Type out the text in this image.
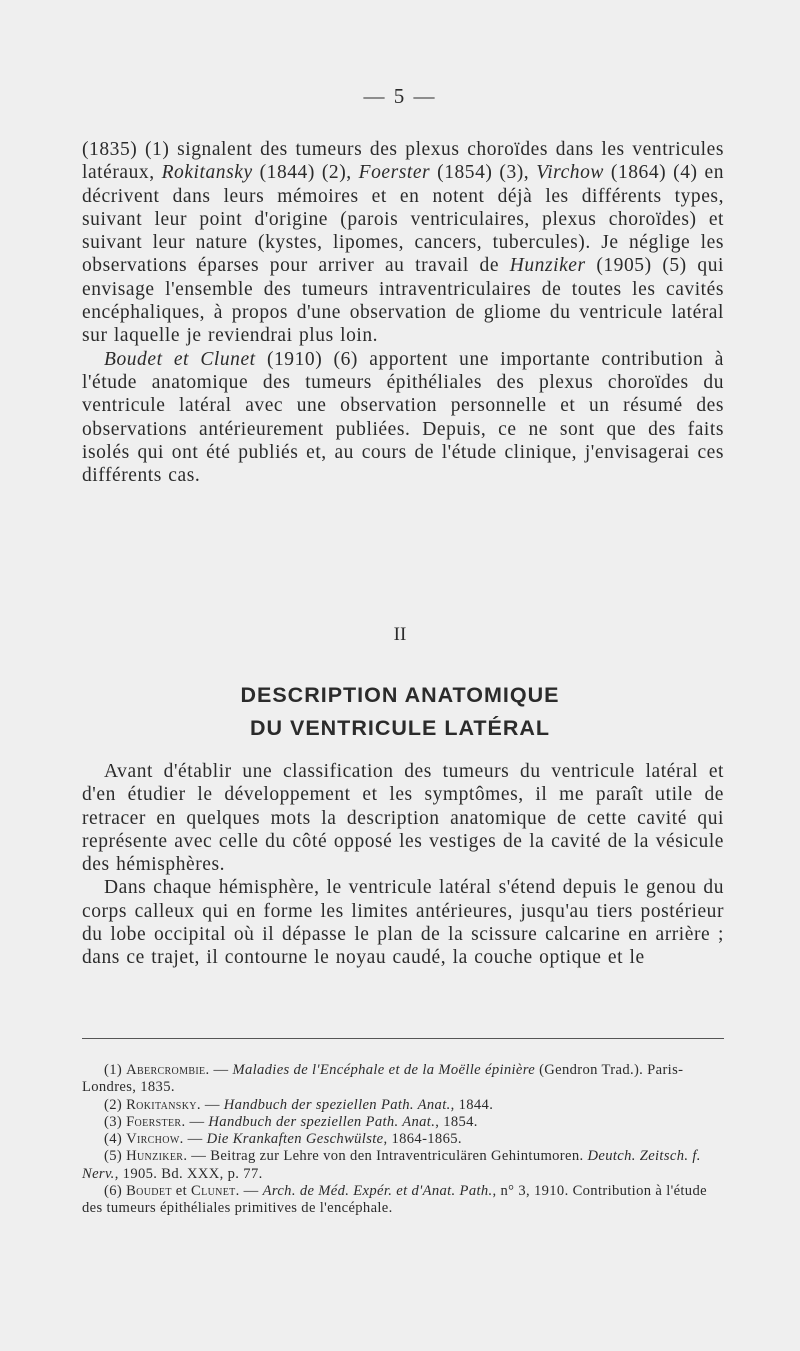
— 5 —

(1835) (1) signalent des tumeurs des plexus choroïdes dans les ventricules latéraux, Rokitansky (1844) (2), Foerster (1854) (3), Virchow (1864) (4) en décrivent dans leurs mémoires et en notent déjà les différents types, suivant leur point d'origine (parois ventriculaires, plexus choroïdes) et suivant leur nature (kystes, lipomes, cancers, tubercules). Je néglige les observations éparses pour arriver au travail de Hunziker (1905) (5) qui envisage l'ensemble des tumeurs intraventriculaires de toutes les cavités encéphaliques, à propos d'une observation de gliome du ventricule latéral sur laquelle je reviendrai plus loin.

Boudet et Clunet (1910) (6) apportent une importante contribution à l'étude anatomique des tumeurs épithéliales des plexus choroïdes du ventricule latéral avec une observation personnelle et un résumé des observations antérieurement publiées. Depuis, ce ne sont que des faits isolés qui ont été publiés et, au cours de l'étude clinique, j'envisagerai ces différents cas.

II
DESCRIPTION ANATOMIQUE
DU VENTRICULE LATÉRAL

Avant d'établir une classification des tumeurs du ventricule latéral et d'en étudier le développement et les symptômes, il me paraît utile de retracer en quelques mots la description anatomique de cette cavité qui représente avec celle du côté opposé les vestiges de la cavité de la vésicule des hémisphères.

Dans chaque hémisphère, le ventricule latéral s'étend depuis le genou du corps calleux qui en forme les limites antérieures, jusqu'au tiers postérieur du lobe occipital où il dépasse le plan de la scissure calcarine en arrière ; dans ce trajet, il contourne le noyau caudé, la couche optique et le

(1) Abercrombie. — Maladies de l'Encéphale et de la Moëlle épinière (Gendron Trad.). Paris-Londres, 1835.

(2) Rokitansky. — Handbuch der speziellen Path. Anat., 1844.

(3) Foerster. — Handbuch der speziellen Path. Anat., 1854.

(4) Virchow. — Die Krankaften Geschwülste, 1864-1865.

(5) Hunziker. — Beitrag zur Lehre von den Intraventriculären Gehintumoren. Deutch. Zeitsch. f. Nerv., 1905. Bd. XXX, p. 77.

(6) Boudet et Clunet. — Arch. de Méd. Expér. et d'Anat. Path., n° 3, 1910. Contribution à l'étude des tumeurs épithéliales primitives de l'encéphale.
